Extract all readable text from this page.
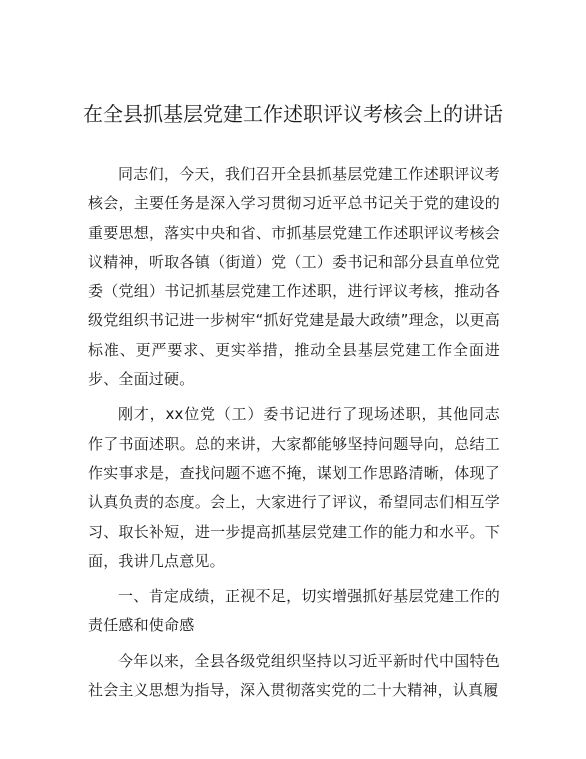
在全县抓基层党建工作述职评议考核会上的讲话

同志们，今天，我们召开全县抓基层党建工作述职评议考核会，主要任务是深入学习贯彻习近平总书记关于党的建设的重要思想，落实中央和省、市抓基层党建工作述职评议考核会议精神，听取各镇（街道）党（工）委书记和部分县直单位党委（党组）书记抓基层党建工作述职，进行评议考核，推动各级党组织书记进一步树牢“抓好党建是最大政绩”理念，以更高标准、更严要求、更实举措，推动全县基层党建工作全面进步、全面过硬。

刚才，xx位党（工）委书记进行了现场述职，其他同志作了书面述职。总的来讲，大家都能够坚持问题导向，总结工作实事求是，查找问题不遮不掩，谋划工作思路清晰，体现了认真负责的态度。会上，大家进行了评议，希望同志们相互学习、取长补短，进一步提高抓基层党建工作的能力和水平。下面，我讲几点意见。

一、肯定成绩，正视不足，切实增强抓好基层党建工作的责任感和使命感

今年以来，全县各级党组织坚持以习近平新时代中国特色社会主义思想为指导，深入贯彻落实党的二十大精神，认真履
